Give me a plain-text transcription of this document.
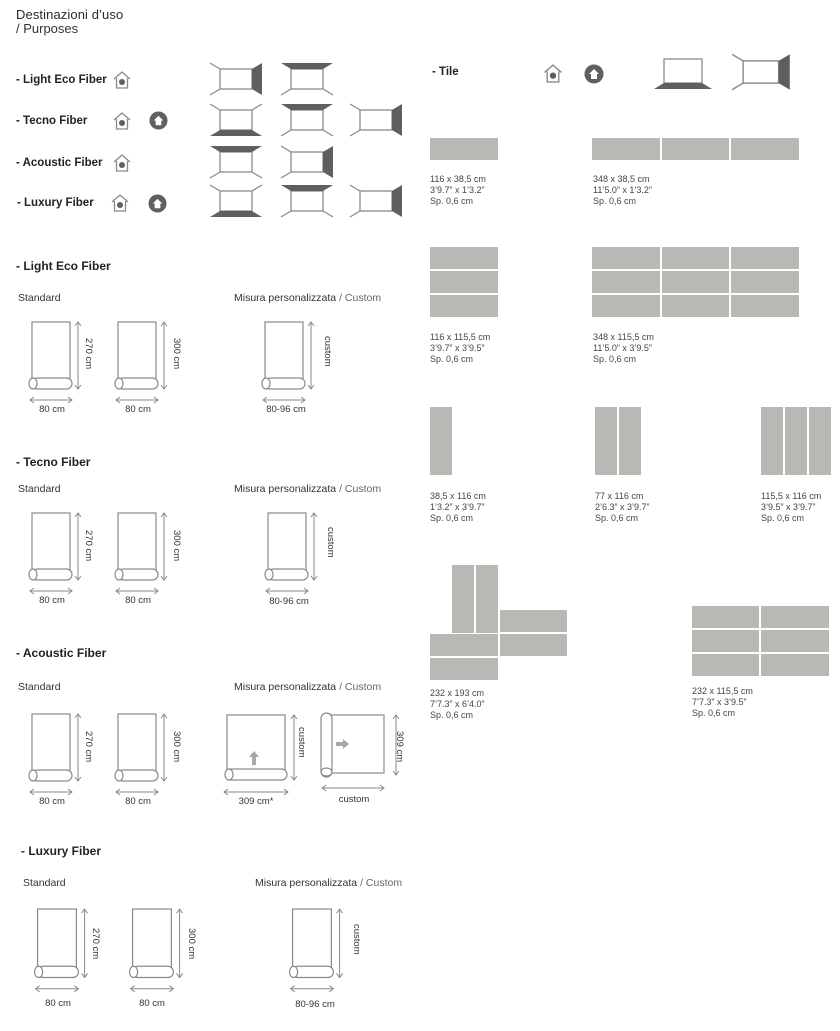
Destinazioni d’uso
/ Purposes
- Light Eco Fiber
- Tecno Fiber
- Acoustic Fiber
- Luxury Fiber
- Tile
116 x 38,5 cm
3’9.7” x 1’3.2”
Sp. 0,6 cm
348 x 38,5 cm
11’5.0” x 1’3.2”
Sp. 0,6 cm
116 x 115,5 cm
3’9.7” x 3’9.5”
Sp. 0,6 cm
348 x 115,5 cm
11’5.0” x 3’9.5”
Sp. 0,6 cm
38,5 x 116 cm
1’3.2” x 3’9.7”
Sp. 0,6 cm
77 x 116 cm
2’6.3” x 3’9.7”
Sp. 0,6 cm
115,5 x 116 cm
3’9.5” x 3’9.7”
Sp. 0,6 cm
232 x 193 cm
7’7.3” x 6’4.0”
Sp. 0,6 cm
232 x 115,5 cm
7’7.3” x 3’9.5”
Sp. 0,6 cm
- Light Eco Fiber
Standard	Misura personalizzata / Custom
270 cm
80 cm
300 cm
80 cm
custom
80-96 cm
- Tecno Fiber
Standard	Misura personalizzata / Custom
270 cm
80 cm
300 cm
80 cm
custom
80-96 cm
- Acoustic Fiber
Standard	Misura personalizzata / Custom
270 cm
80 cm
300 cm
80 cm
custom
309 cm*
309 cm
custom
- Luxury Fiber
Standard	Misura personalizzata / Custom
270 cm
80 cm
300 cm
80 cm
custom
80-96 cm
